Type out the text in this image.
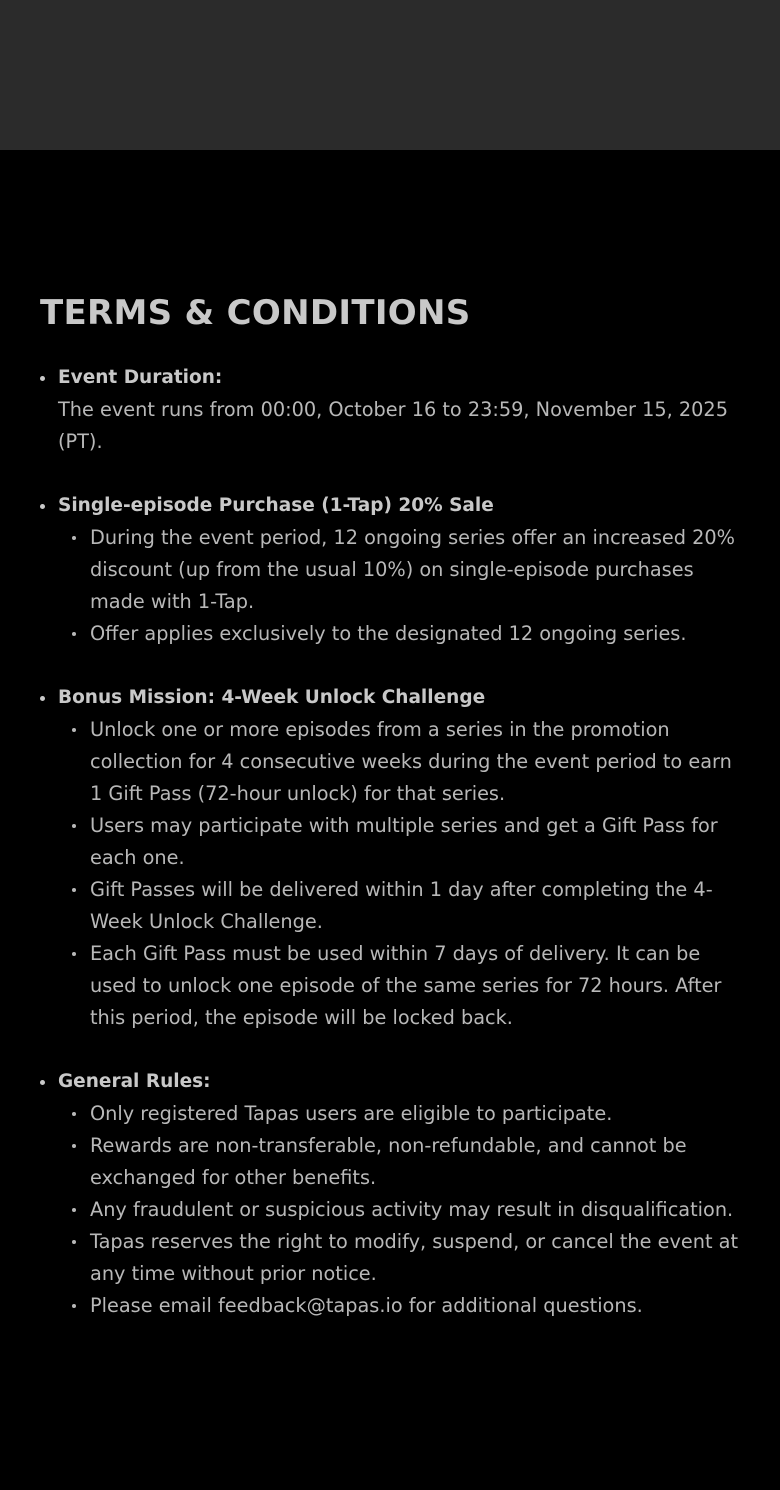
TERMS & CONDITIONS
Event Duration:
The event runs from 00:00, October 16 to 23:59, November 15, 2025 (PT).
Single-episode Purchase (1-Tap) 20% Sale
During the event period, 12 ongoing series offer an increased 20% discount (up from the usual 10%) on single-episode purchases made with 1-Tap.
Offer applies exclusively to the designated 12 ongoing series.
Bonus Mission: 4-Week Unlock Challenge
Unlock one or more episodes from a series in the promotion collection for 4 consecutive weeks during the event period to earn 1 Gift Pass (72-hour unlock) for that series.
Users may participate with multiple series and get a Gift Pass for each one.
Gift Passes will be delivered within 1 day after completing the 4-Week Unlock Challenge.
Each Gift Pass must be used within 7 days of delivery. It can be used to unlock one episode of the same series for 72 hours. After this period, the episode will be locked back.
General Rules:
Only registered Tapas users are eligible to participate.
Rewards are non-transferable, non-refundable, and cannot be exchanged for other benefits.
Any fraudulent or suspicious activity may result in disqualification.
Tapas reserves the right to modify, suspend, or cancel the event at any time without prior notice.
Please email feedback@tapas.io for additional questions.
